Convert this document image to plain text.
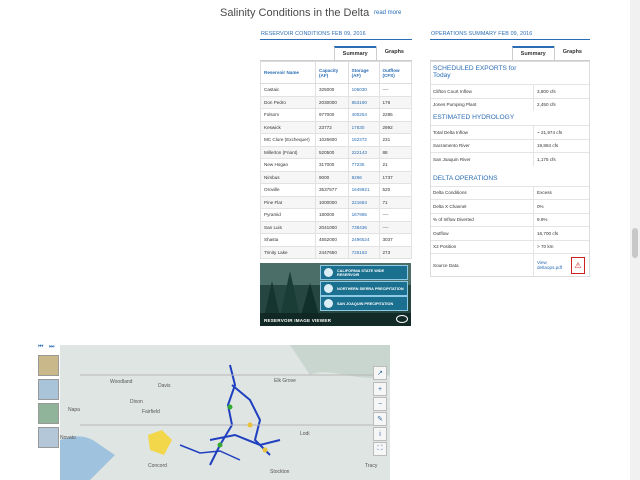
Salinity Conditions in the Delta read more
RESERVOIR CONDITIONS FEB 09, 2016
Summary	Graphs
Reservoir Name	Capacity (AF)	Storage (AF)	Outflow (CFS)
Castaic	325000	106030	----
Don Pedro	2030000	853190	176
Folsom	977000	400254	2285
Keswick	23772	17830	2992
MC Clure (Exchequer)	1026600	152372	231
Millerton (Friant)	520500	222143	88
New Hogan	317000	77235	21
Nimbus	9000	8266	1737
Oroville	3537577	1649821	520
Pine Flat	1000000	221684	71
Pyramid	180000	167985	----
San Luis	2041000	738436	----
Shasta	4552000	2496524	3037
Trinity Lake	2447650	726163	273
RESERVOIR IMAGE VIEWER
CALIFORNIA STATE WIDE RESERVOIR
NORTHERN SIERRA PRECIPITATION
SAN JOAQUIN PRECIPITATION
OPERATIONS SUMMARY FEB 09, 2016
Summary	Graphs
SCHEDULED EXPORTS for Today
Clifton Court Inflow	3,800 cfs
Jones Pumping Plant	2,450 cfs
ESTIMATED HYDROLOGY
Total Delta Inflow	~ 21,974 cfs
Sacramento River	19,884 cfs
San Joaquin River	1,175 cfs
DELTA OPERATIONS
Delta Conditions	Excess
Delta X Channel	0%
% of Inflow Diverted	9.9%
Outflow	16,700 cfs
X2 Position	> 70 km
Source Data	View deltaops.pdf	⚠
⏮ ⏭
Woodland
Davis
Dixon
Fairfield
Napa
Elk Grove
Lodi
Stockton
Novato
Concord	Tracy
↗
+
−
✎
i
⛶
